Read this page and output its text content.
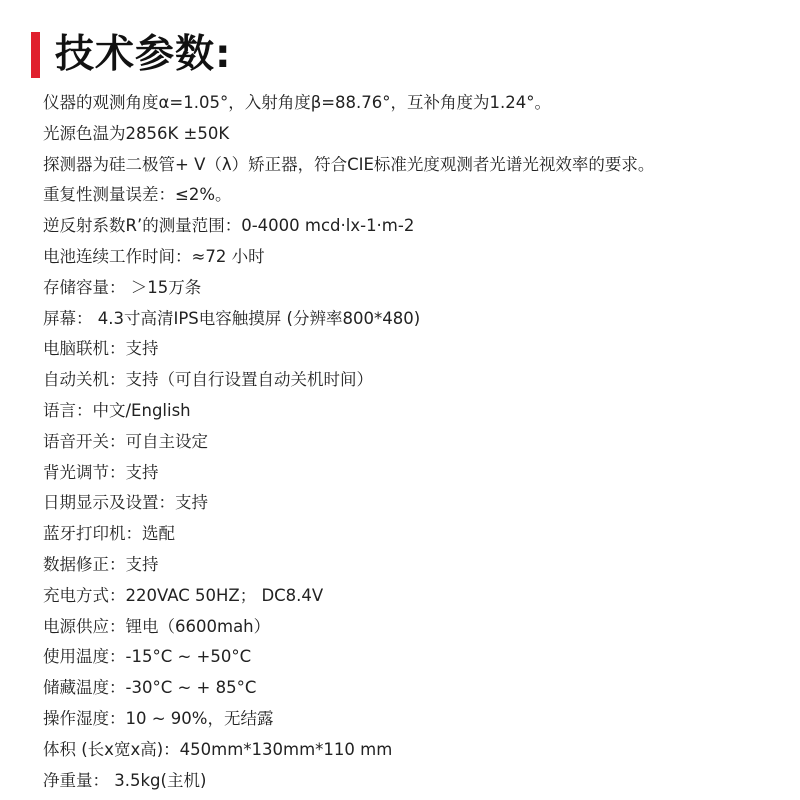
技术参数:
仪器的观测角度α=1.05°，入射角度β=88.76°，互补角度为1.24°。
光源色温为2856K ±50K
探测器为硅二极管+ V（λ）矫正器，符合CIE标准光度观测者光谱光视效率的要求。
重复性测量误差：≤2%。
逆反射系数R’的测量范围：0-4000 mcd·lx-1·m-2
电池连续工作时间：≈72 小时
存储容量： ＞15万条
屏幕： 4.3寸高清IPS电容触摸屏 (分辨率800*480)
电脑联机：支持
自动关机：支持（可自行设置自动关机时间）
语言：中文/English
语音开关：可自主设定
背光调节：支持
日期显示及设置：支持
蓝牙打印机：选配
数据修正：支持
充电方式：220VAC 50HZ； DC8.4V
电源供应：锂电（6600mah）
使用温度：-15°C ~ +50°C
储藏温度：-30°C ~ + 85°C
操作湿度：10 ~ 90%，无结露
体积 (长x宽x高)：450mm*130mm*110 mm
净重量： 3.5kg(主机)
